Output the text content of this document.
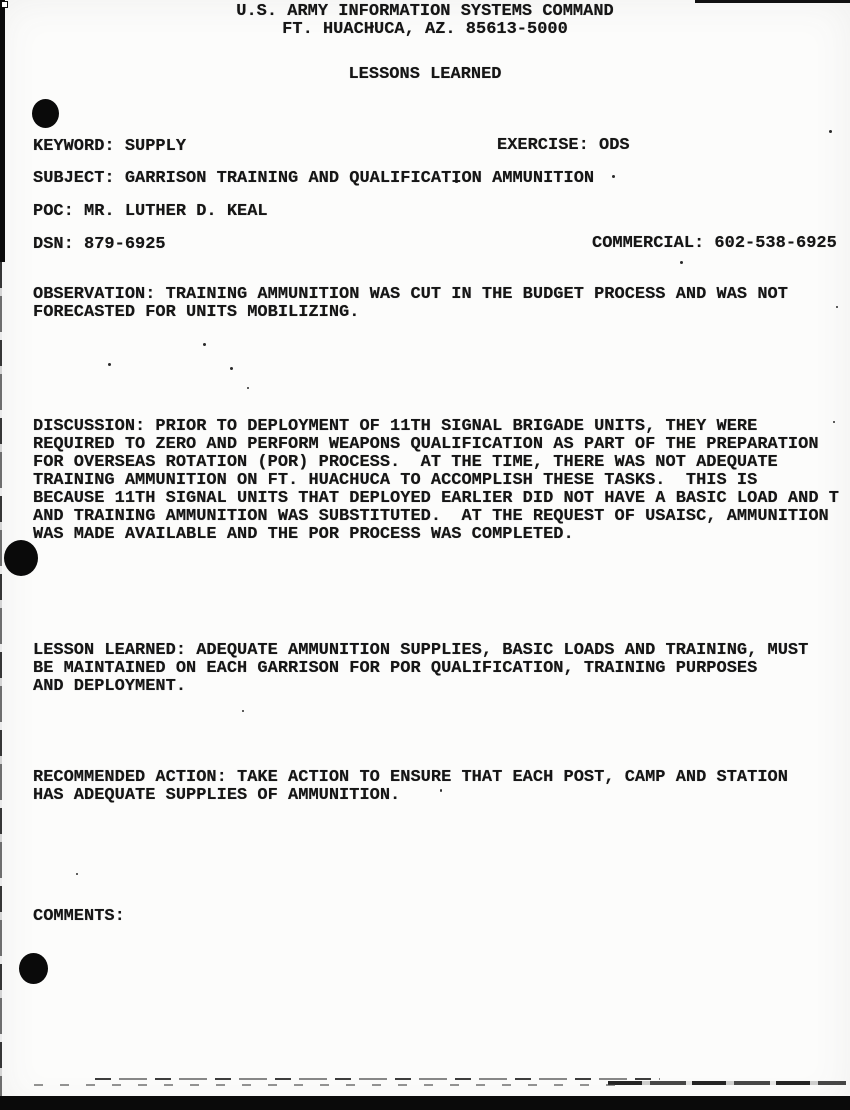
U.S. ARMY INFORMATION SYSTEMS COMMAND
FT. HUACHUCA, AZ. 85613-5000
LESSONS LEARNED
KEYWORD: SUPPLY	EXERCISE: ODS
SUBJECT: GARRISON TRAINING AND QUALIFICATION AMMUNITION
POC: MR. LUTHER D. KEAL
DSN: 879-6925	COMMERCIAL: 602-538-6925
OBSERVATION: TRAINING AMMUNITION WAS CUT IN THE BUDGET PROCESS AND WAS NOT
FORECASTED FOR UNITS MOBILIZING.
DISCUSSION: PRIOR TO DEPLOYMENT OF 11TH SIGNAL BRIGADE UNITS, THEY WERE
REQUIRED TO ZERO AND PERFORM WEAPONS QUALIFICATION AS PART OF THE PREPARATION
FOR OVERSEAS ROTATION (POR) PROCESS.  AT THE TIME, THERE WAS NOT ADEQUATE
TRAINING AMMUNITION ON FT. HUACHUCA TO ACCOMPLISH THESE TASKS.  THIS IS
BECAUSE 11TH SIGNAL UNITS THAT DEPLOYED EARLIER DID NOT HAVE A BASIC LOAD AND T
AND TRAINING AMMUNITION WAS SUBSTITUTED.  AT THE REQUEST OF USAISC, AMMUNITION
WAS MADE AVAILABLE AND THE POR PROCESS WAS COMPLETED.
LESSON LEARNED: ADEQUATE AMMUNITION SUPPLIES, BASIC LOADS AND TRAINING, MUST
BE MAINTAINED ON EACH GARRISON FOR POR QUALIFICATION, TRAINING PURPOSES
AND DEPLOYMENT.
RECOMMENDED ACTION: TAKE ACTION TO ENSURE THAT EACH POST, CAMP AND STATION
HAS ADEQUATE SUPPLIES OF AMMUNITION.
COMMENTS:
